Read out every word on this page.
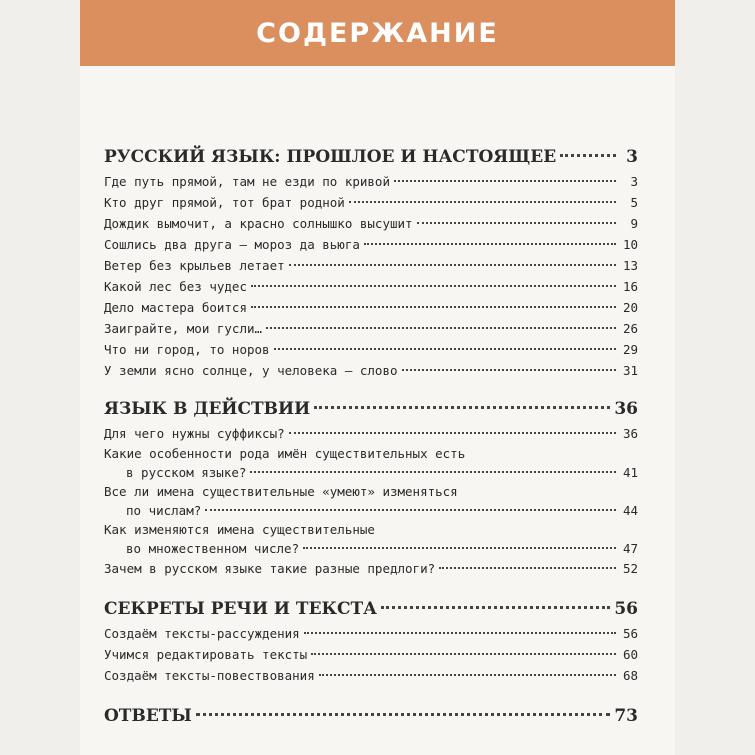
СОДЕРЖАНИЕ
РУССКИЙ ЯЗЫК: ПРОШЛОЕ И НАСТОЯЩЕЕ	3
Где путь прямой, там не езди по кривой	3
Кто друг прямой, тот брат родной	5
Дождик вымочит, а красно солнышко высушит	9
Сошлись два друга – мороз да вьюга	10
Ветер без крыльев летает	13
Какой лес без чудес	16
Дело мастера боится	20
Заиграйте, мои гусли…	26
Что ни город, то норов	29
У земли ясно солнце, у человека – слово	31
ЯЗЫК В ДЕЙСТВИИ	36
Для чего нужны суффиксы?	36
Какие особенности рода имён существительных есть
в русском языке?	41
Все ли имена существительные «умеют» изменяться
по числам?	44
Как изменяются имена существительные
во множественном числе?	47
Зачем в русском языке такие разные предлоги?	52
СЕКРЕТЫ РЕЧИ И ТЕКСТА	56
Создаём тексты-рассуждения	56
Учимся редактировать тексты	60
Создаём тексты-повествования	68
ОТВЕТЫ	73
